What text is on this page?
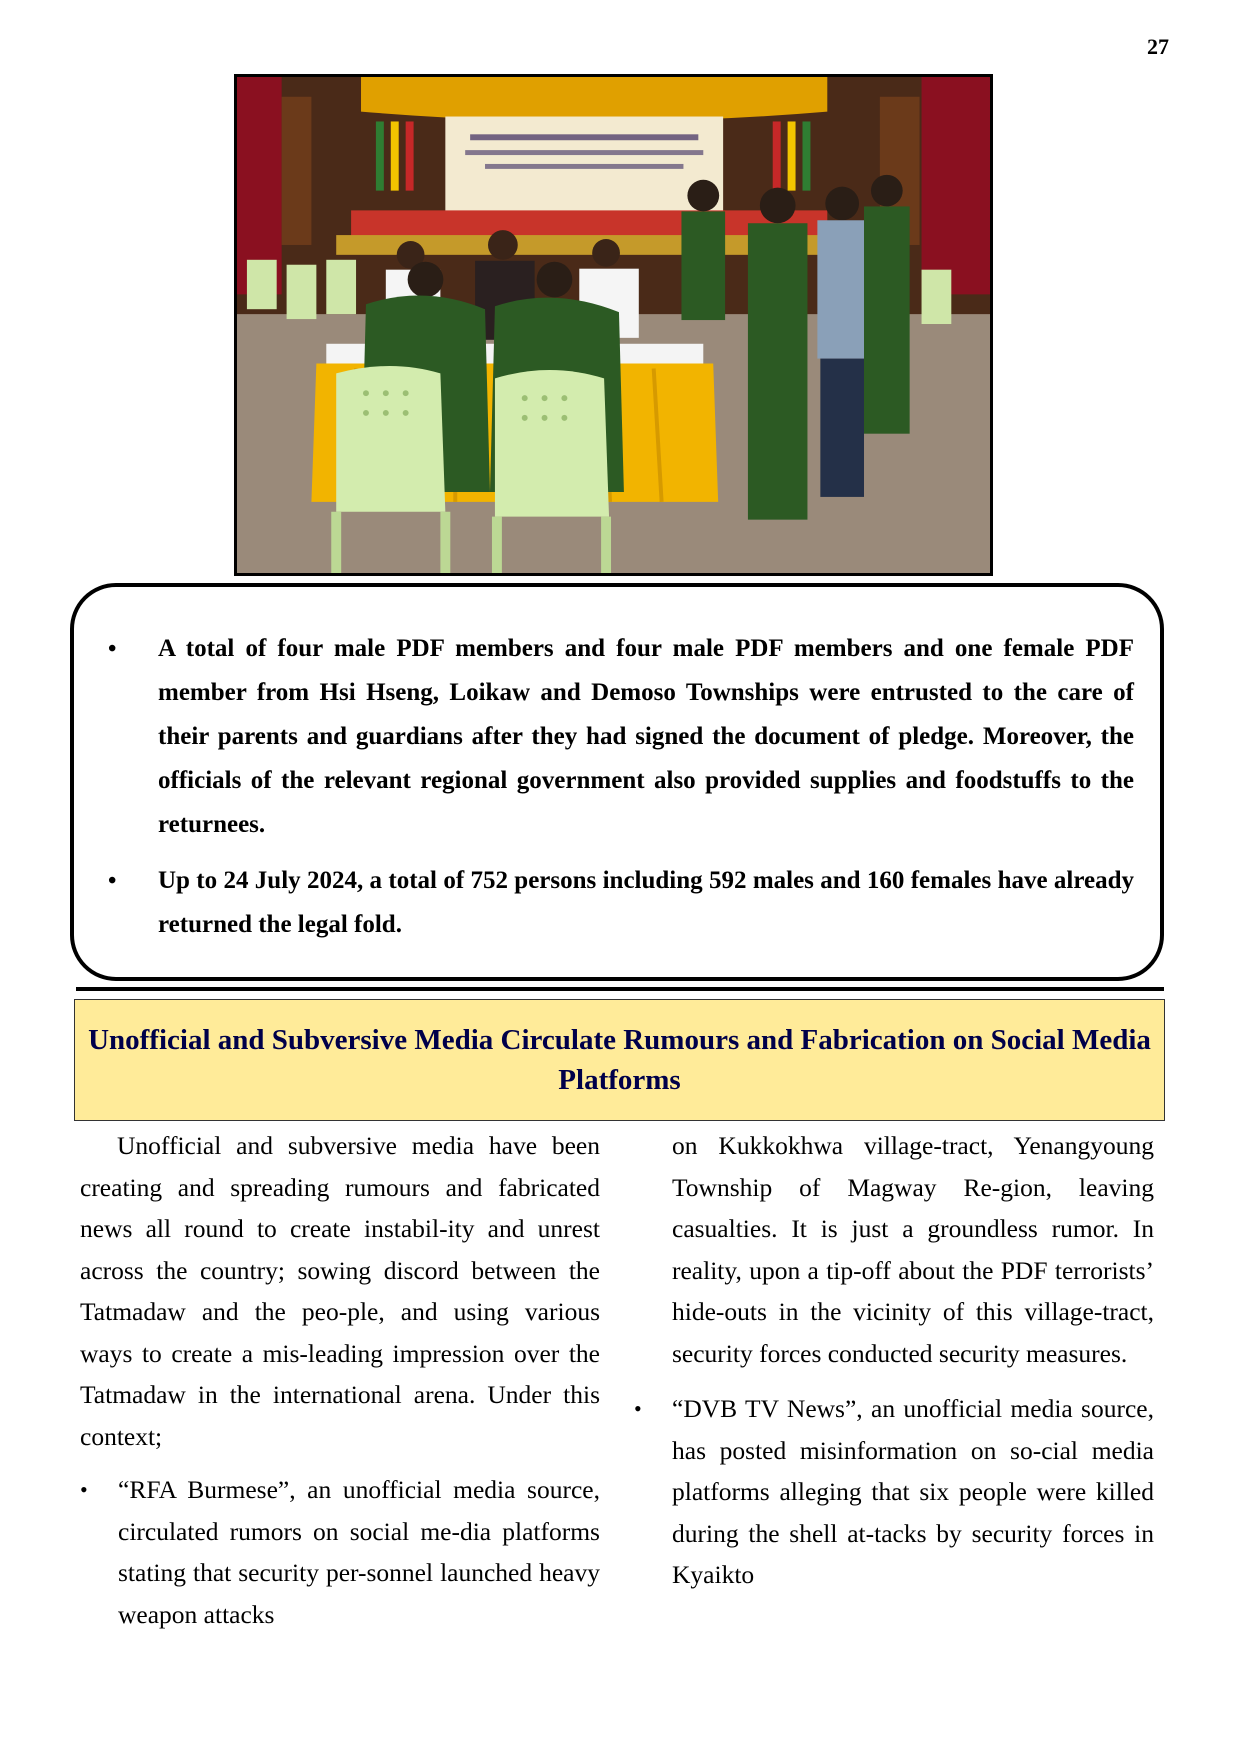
27
• A total of four male PDF members and four male PDF members and one female PDF member from Hsi Hseng, Loikaw and Demoso Townships were entrusted to the care of their parents and guardians after they had signed the document of pledge. Moreover, the officials of the relevant regional government also provided supplies and foodstuffs to the returnees.
• Up to 24 July 2024, a total of 752 persons including 592 males and 160 females have already returned the legal fold.
Unofficial and Subversive Media Circulate Rumours and Fabrication on Social Media Platforms

Unofficial and subversive media have been creating and spreading rumours and fabricated news all round to create instabil-ity and unrest across the country; sowing discord between the Tatmadaw and the peo-ple, and using various ways to create a mis-leading impression over the Tatmadaw in the international arena. Under this context;

• “RFA Burmese”, an unofficial media source, circulated rumors on social me-dia platforms stating that security per-sonnel launched heavy weapon attacks

on Kukkokhwa village-tract, Yenangyoung Township of Magway Re-gion, leaving casualties. It is just a groundless rumor. In reality, upon a tip-off about the PDF terrorists’ hide-outs in the vicinity of this village-tract, security forces conducted security measures.

• “DVB TV News”, an unofficial media source, has posted misinformation on so-cial media platforms alleging that six people were killed during the shell at-tacks by security forces in Kyaikto
